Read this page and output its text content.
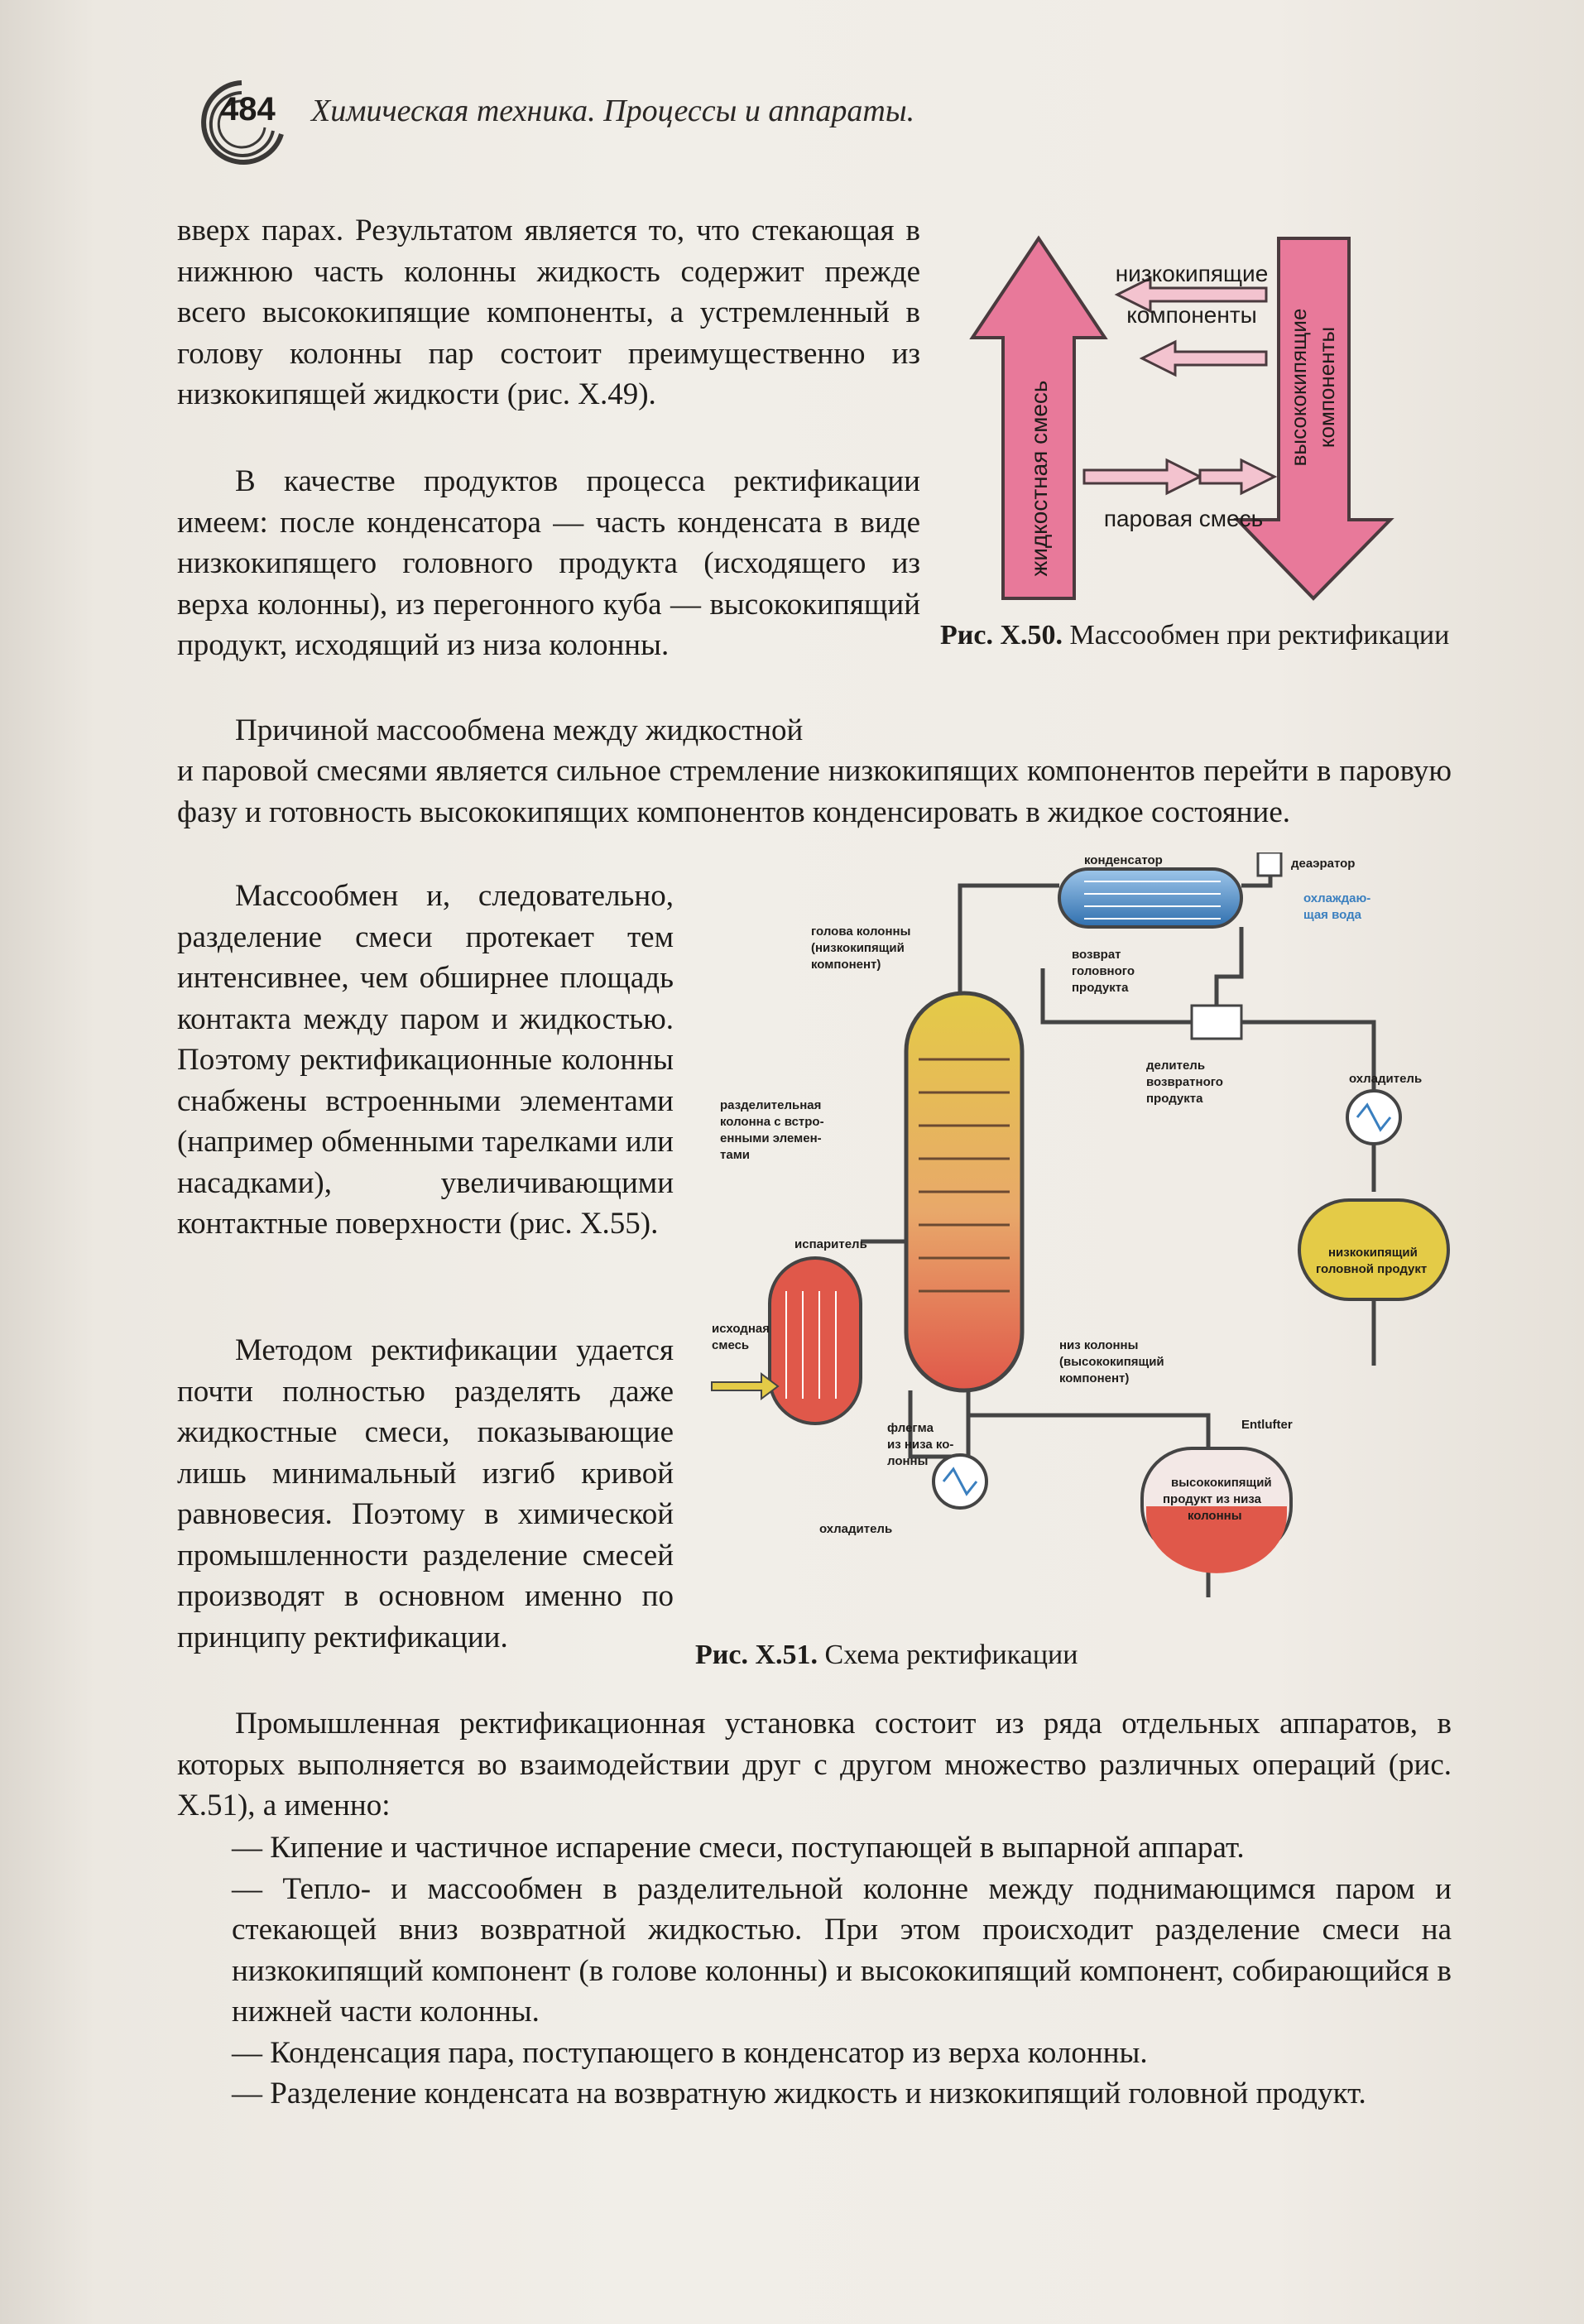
484 Химическая техника. Процессы и аппараты.

вверх парах. Результатом является то, что стекающая в нижнюю часть колонны жидкость содержит прежде всего высококипящие компоненты, а устремленный в голову колонны пар состоит преимущественно из низкокипящей жидкости (рис. X.49).

В качестве продуктов процесса ректификации имеем: после конденсатора — часть конденсата в виде низкокипящего головного продукта (исходящего из верха колонны), из перегонного куба — высококипящий продукт, исходящий из низа колонны.

Причиной массообмена между жидкостной

и паровой смесями является сильное стремление низкокипящих компонентов перейти в паровую фазу и готовность высококипящих компонентов конденсировать в жидкое состояние.

Массообмен и, следовательно, разделение смеси протекает тем интенсивнее, чем обширнее площадь контакта между паром и жидкостью. Поэтому ректификационные колонны снабжены встроенными элементами (например обменными тарелками или насадками), увеличивающими контактные поверхности (рис. X.55).

Методом ректификации удается почти полностью разделять даже жидкостные смеси, показывающие лишь минимальный изгиб кривой равновесия. Поэтому в химической промышленности разделение смесей производят в основном именно по принципу ректификации.

Промышленная ректификационная установка состоит из ряда отдельных аппаратов, в которых выполняется во взаимодействии друг с другом множество различных операций (рис. X.51), а именно:

— Кипение и частичное испарение смеси, поступающей в выпарной аппарат.

— Тепло- и массообмен в разделительной колонне между поднимающимся паром и стекающей вниз возвратной жидкостью. При этом происходит разделение смеси на низкокипящий компонент (в голове колонны) и высококипящий компонент, собирающийся в нижней части колонны.

— Конденсация пара, поступающего в конденсатор из верха колонны.

— Разделение конденсата на возвратную жидкость и низкокипящий головной продукт.

низкокипящие
компоненты
жидкостная смесь паровая смесь
высококипящие компоненты
Рис. X.50. Массообмен при ректификации
конденсатор	деаэратор
охлаждаю-
щая вода
голова колонны
(низкокипящий
компонент)
возврат
головного
продукта
делитель
возвратного
продукта
охладитель
разделительная
колонна с встро-
енными элемен-
тами
низкокипящий
головной продукт
испаритель
исходная
смесь	низ колонны
(высококипящий
компонент)
Entlufter
флегма
из низа ко-
лонны
высококипящий
продукт из низа
колонны
охладитель
Рис. X.51. Схема ректификации
